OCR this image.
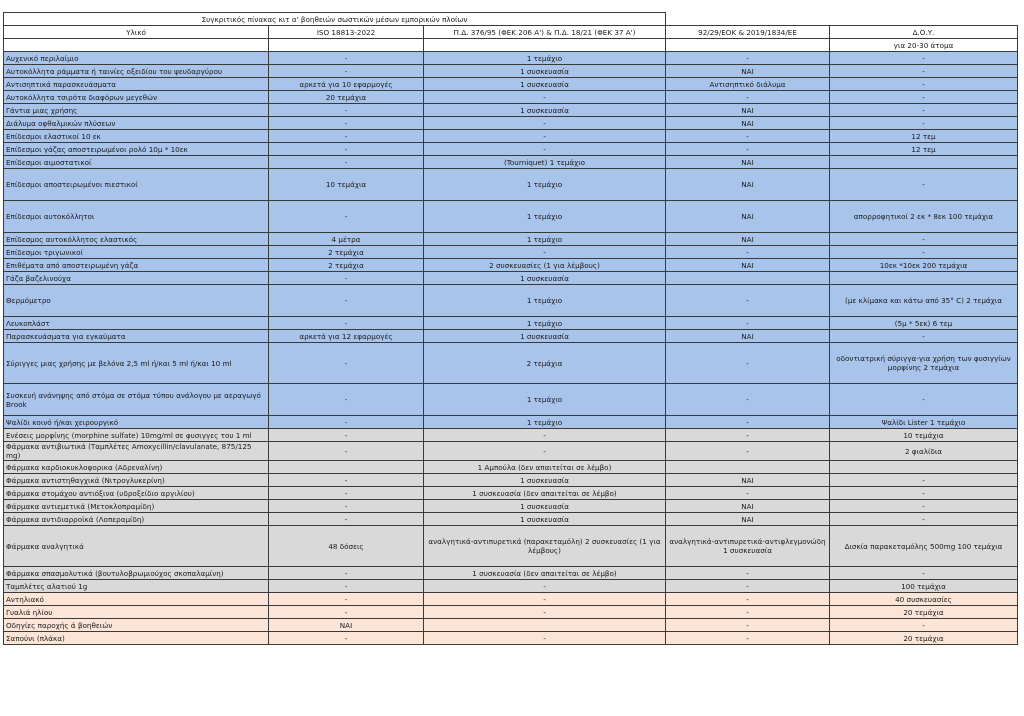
Συγκριτικός πίνακας κιτ α' βοηθειών σωστικών μέσων εμπορικών πλοίων				
Υλικό	ISO 18813-2022	Π.Δ. 376/95 (ΦΕΚ 206 Α') & Π.Δ. 18/21 (ΦΕΚ 37 Α')	92/29/ΕΟΚ & 2019/1834/ΕΕ	Δ.Ο.Υ.
				για 20-30 άτομα
Αυχενικό περιλαίμιο	-	1 τεμάχιο	-	-
Αυτοκόλλητα ράμματα ή ταινίες οξειδίου του ψευδαργύρου	-	1 συσκευασία	ΝΑΙ	-
Αντισηπτικά παρασκευάσματα	αρκετά για 10 εφαρμογές	1 συσκευασία	Αντισηπτικό διάλυμα	-
Αυτοκόλλητα τσιρότα διαφόρων μεγεθών	20 τεμάχια	-	-	-
Γάντια μιας χρήσης	-	1 συσκευασία	ΝΑΙ	-
Διάλυμα οφθαλμικών πλύσεων	-	-	ΝΑΙ	-
Επίδεσμοι ελαστικοί 10 εκ	-	-	-	12 τεμ
Επίδεσμοι γάζας αποστειρωμένοι ρολό 10μ * 10εκ	-	-	-	12 τεμ
Επίδεσμοι αιμοστατικοί	-	(Tourniquet) 1 τεμάχιο	ΝΑΙ	
Επίδεσμοι αποστειρωμένοι πιεστικοί	10 τεμάχια	1 τεμάχιο	ΝΑΙ	-
Επίδεσμοι αυτοκόλλητοι	-	1 τεμάχιο	ΝΑΙ	απορροφητικοί 2 εκ * 8εκ 100 τεμάχια
Επίδεσμος αυτοκόλλητος ελαστικός	4 μέτρα	1 τεμάχιο	ΝΑΙ	-
Επίδεσμοι τριγωνικοί	2 τεμάχια	-	-	-
Επιθέματα από αποστειρωμένη γάζα	2 τεμάχια	2 συσκευασίες (1 για λέμβους)	ΝΑΙ	10εκ *10εκ 200 τεμάχια
Γάζα βαζελινούχα	-	1 συσκευασία		
Θερμόμετρο	-	1 τεμάχιο	-	(με κλίμακα και κάτω από 35° C) 2 τεμάχια
Λευκοπλάστ	-	1 τεμάχιο	-	(5μ * 5εκ) 6 τεμ
Παρασκευάσματα για εγκαύματα	αρκετά για 12 εφαρμογές	1 συσκευασία	ΝΑΙ	-
Σύριγγες μιας χρήσης με βελόνα 2,5 ml ή/και 5 ml ή/και 10 ml	-	2 τεμάχια	-	οδοντιατρική σύριγγα-για χρήση των φυσιγγίων μορφίνης 2 τεμάχια
Συσκευή ανάνηψης από στόμα σε στόμα τύπου ανάλογου με αεραγωγό Brook	-	1 τεμάχιο	-	-
Ψαλίδι κοινό ή/και χειρουργικό	-	1 τεμάχιο	-	Ψαλίδι Lister 1 τεμάχιο
Ενέσεις μορφίνης (morphine sulfate) 10mg/ml σε φυσιγγες του 1 ml	-	-	-	10 τεμάχια
Φάρμακα αντιβιωτικά (Ταμπλέτες Amoxycillin/clavulanate, 875/125 mg)	-	-	-	2 φιαλίδια
Φάρμακα καρδιοκυκλοφορικα (Αδρεναλίνη)		1 Αμπούλα (δεν απαιτείται σε λέμβο)		
Φάρμακα αντιστηθαγχικά (Νιτρογλυκερίνη)	-	1 συσκευασία	ΝΑΙ	-
Φάρμακα στομάχου αντιόξινα (υδροξείδιο αργιλίου)	-	1 συσκευασία (δεν απαιτείται σε λέμβο)	-	-
Φάρμακα αντιεμετικά (Μετοκλοπραμίδη)	-	1 συσκευασία	ΝΑΙ	-
Φάρμακα αντιδιαρροϊκά (Λοπεραμίδη)	-	1 συσκευασία	ΝΑΙ	-
Φάρμακα αναλγητικά	48 δόσεις	αναλγητικά-αντιπυρετικά (παρακεταμόλη) 2 συσκευασίες (1 για λέμβους)	αναλγητικά-αντιπυρετικά-αντιφλεγμονώδη 1 συσκευασία	Δισκία παρακεταμόλης 500mg 100 τεμάχια
Φάρμακα σπασμολυτικά (βουτυλοβρωμιούχος σκοπαλαμίνη)	-	1 συσκευασία (δεν απαιτείται σε λέμβο)	-	-
Ταμπλέτες αλατιού 1g	-	-	-	100 τεμάχια
Αντηλιακό	-	-	-	40 συσκευασίες
Γυαλιά ηλίου	-	-	-	20 τεμάχια
Οδηγίες παροχής ά βοηθειών	ΝΑΙ		-	-
Σαπούνι (πλάκα)	-	-	-	20 τεμάχια
